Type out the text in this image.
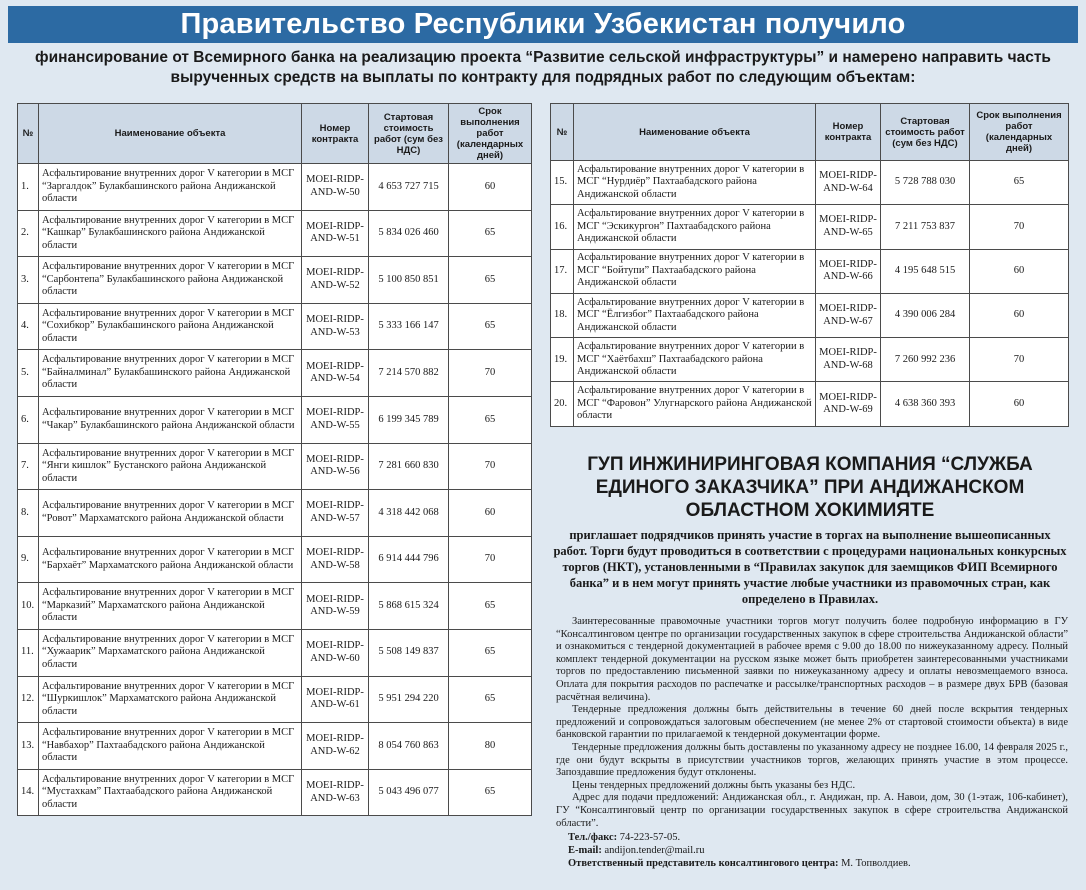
Правительство Республики Узбекистан получило
финансирование от Всемирного банка на реализацию проекта “Развитие сельской инфраструктуры” и намерено направить часть вырученных средств на выплаты по контракту для подрядных работ по следующим объектам:
№	Наименование объекта	Номер контракта	Стартовая стоимость работ (сум без НДС)	Срок выполнения работ (календарных дней)
1.	Асфальтирование внутренних дорог V категории в МСГ “Заргалдок” Булакбашинского района Андижанской области	MOEI-RIDP-AND-W-50	4 653 727 715	60
2.	Асфальтирование внутренних дорог V категории в МСГ “Кашкар” Булакбашинского района Андижанской области	MOEI-RIDP-AND-W-51	5 834 026 460	65
3.	Асфальтирование внутренних дорог V категории в МСГ “Сарбонтепа” Булакбашинского района Андижанской области	MOEI-RIDP-AND-W-52	5 100 850 851	65
4.	Асфальтирование внутренних дорог V категории в МСГ “Сохибкор” Булакбашинского района Андижанской области	MOEI-RIDP-AND-W-53	5 333 166 147	65
5.	Асфальтирование внутренних дорог V категории в МСГ “Байналминал” Булакбашинского района Андижанской области	MOEI-RIDP-AND-W-54	7 214 570 882	70
6.	Асфальтирование внутренних дорог V категории в МСГ “Чакар” Булакбашинского района Андижанской области	MOEI-RIDP-AND-W-55	6 199 345 789	65
7.	Асфальтирование внутренних дорог V категории в МСГ “Янги кишлок” Бустанского района Андижанской области	MOEI-RIDP-AND-W-56	7 281 660 830	70
8.	Асфальтирование внутренних дорог V категории в МСГ “Ровот” Мархаматского района Андижанской области	MOEI-RIDP-AND-W-57	4 318 442 068	60
9.	Асфальтирование внутренних дорог V категории в МСГ “Бархаёт” Мархаматского района Андижанской области	MOEI-RIDP-AND-W-58	6 914 444 796	70
10.	Асфальтирование внутренних дорог V категории в МСГ “Марказий” Мархаматского района Андижанской области	MOEI-RIDP-AND-W-59	5 868 615 324	65
11.	Асфальтирование внутренних дорог V категории в МСГ “Хужаарик” Мархаматского района Андижанской области	MOEI-RIDP-AND-W-60	5 508 149 837	65
12.	Асфальтирование внутренних дорог V категории в МСГ “Шуркишлок” Мархаматского района Андижанской области	MOEI-RIDP-AND-W-61	5 951 294 220	65
13.	Асфальтирование внутренних дорог V категории в МСГ “Навбахор” Пахтаабадского района Андижанской области	MOEI-RIDP-AND-W-62	8 054 760 863	80
14.	Асфальтирование внутренних дорог V категории в МСГ “Мустахкам” Пахтаабадского района Андижанской области	MOEI-RIDP-AND-W-63	5 043 496 077	65
№	Наименование объекта	Номер контракта	Стартовая стоимость работ (сум без НДС)	Срок выполнения работ (календарных дней)
15.	Асфальтирование внутренних дорог V категории в МСГ “Нурдиёр” Пахтаабадского района Андижанской области	MOEI-RIDP-AND-W-64	5 728 788 030	65
16.	Асфальтирование внутренних дорог V категории в МСГ “Эскикургон” Пахтаабадского района Андижанской области	MOEI-RIDP-AND-W-65	7 211 753 837	70
17.	Асфальтирование внутренних дорог V категории в МСГ “Бойтупи” Пахтаабадского района Андижанской области	MOEI-RIDP-AND-W-66	4 195 648 515	60
18.	Асфальтирование внутренних дорог V категории в МСГ “Ёлгизбог” Пахтаабадского района Андижанской области	MOEI-RIDP-AND-W-67	4 390 006 284	60
19.	Асфальтирование внутренних дорог V категории в МСГ “Хаётбахш” Пахтаабадского района Андижанской области	MOEI-RIDP-AND-W-68	7 260 992 236	70
20.	Асфальтирование внутренних дорог V категории в МСГ “Фаровон” Улугнарского района Андижанской области	MOEI-RIDP-AND-W-69	4 638 360 393	60
ГУП ИНЖИНИРИНГОВАЯ КОМПАНИЯ “СЛУЖБА ЕДИНОГО ЗАКАЗЧИКА” ПРИ АНДИЖАНСКОМ ОБЛАСТНОМ ХОКИМИЯТЕ
приглашает подрядчиков принять участие в торгах на выполнение вышеописанных работ. Торги будут проводиться в соответствии с процедурами национальных конкурсных торгов (НКТ), установленными в “Правилах закупок для заемщиков ФИП Всемирного банка” и в нем могут принять участие любые участники из правомочных стран, как определено в Правилах.

Заинтересованные правомочные участники торгов могут получить более подробную информацию в ГУ “Консалтинговом центре по организации государственных закупок в сфере строительства Андижанской области” и ознакомиться с тендерной документацией в рабочее время с 9.00 до 18.00 по нижеуказанному адресу. Полный комплект тендерной документации на русском языке может быть приобретен заинтересованными участниками торгов по предоставлению письменной заявки по нижеуказанному адресу и оплаты невозмещаемого взноса. Оплата для покрытия расходов по распечатке и рассылке/транспортных расходов – в размере двух БРВ (базовая расчётная величина).

Тендерные предложения должны быть действительны в течение 60 дней после вскрытия тендерных предложений и сопровождаться залоговым обеспечением (не менее 2% от стартовой стоимости объекта) в виде банковской гарантии по прилагаемой к тендерной документации форме.

Тендерные предложения должны быть доставлены по указанному адресу не позднее 16.00, 14 февраля 2025 г., где они будут вскрыты в присутствии участников торгов, желающих принять участие в этом процессе. Запоздавшие предложения будут отклонены.

Цены тендерных предложений должны быть указаны без НДС.

Адрес для подачи предложений: Андижанская обл., г. Андижан, пр. А. Навои, дом, 30 (1-этаж, 106-кабинет), ГУ “Консалтинговый центр по организации государственных закупок в сфере строительства Андижанской области”.

Тел./факс: 74-223-57-05.
E-mail: andijon.tender@mail.ru
Ответственный представитель консалтингового центра: М. Топволдиев.
